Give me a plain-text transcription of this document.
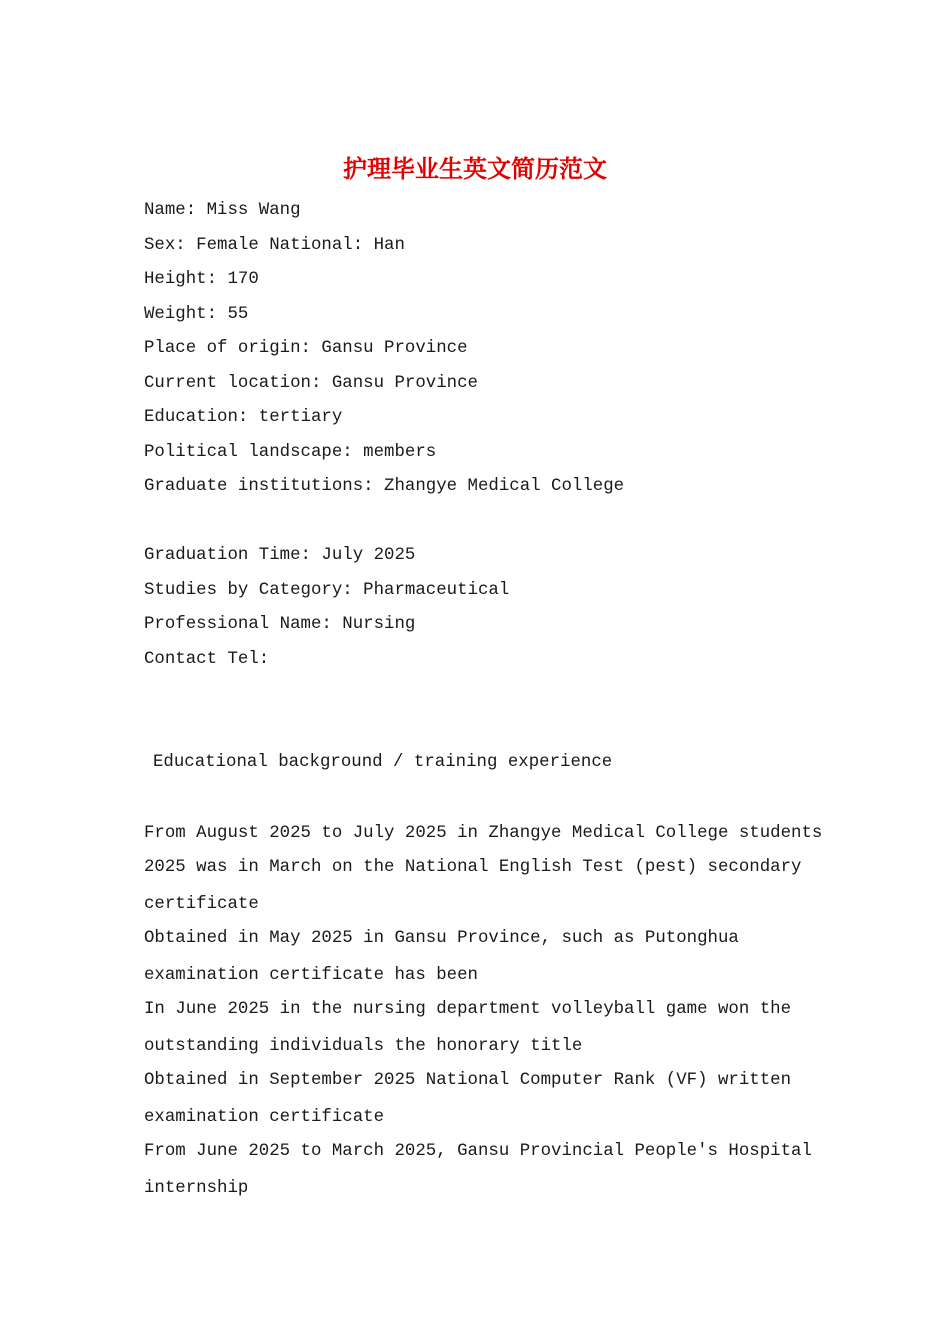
护理毕业生英文简历范文
Name: Miss Wang
Sex: Female National: Han
Height: 170
Weight: 55
Place of origin: Gansu Province
Current location: Gansu Province
Education: tertiary
Political landscape: members
Graduate institutions: Zhangye Medical College
Graduation Time: July 2025
Studies by Category: Pharmaceutical
Professional Name: Nursing
Contact Tel:
Educational background / training experience
From August 2025 to July 2025 in Zhangye Medical College students
2025 was in March on the National English Test (pest) secondary certificate
Obtained in May 2025 in Gansu Province, such as Putonghua examination certificate has been
In June 2025 in the nursing department volleyball game won the outstanding individuals the honorary title
Obtained in September 2025 National Computer Rank (VF) written examination certificate
From June 2025 to March 2025, Gansu Provincial People's Hospital internship
